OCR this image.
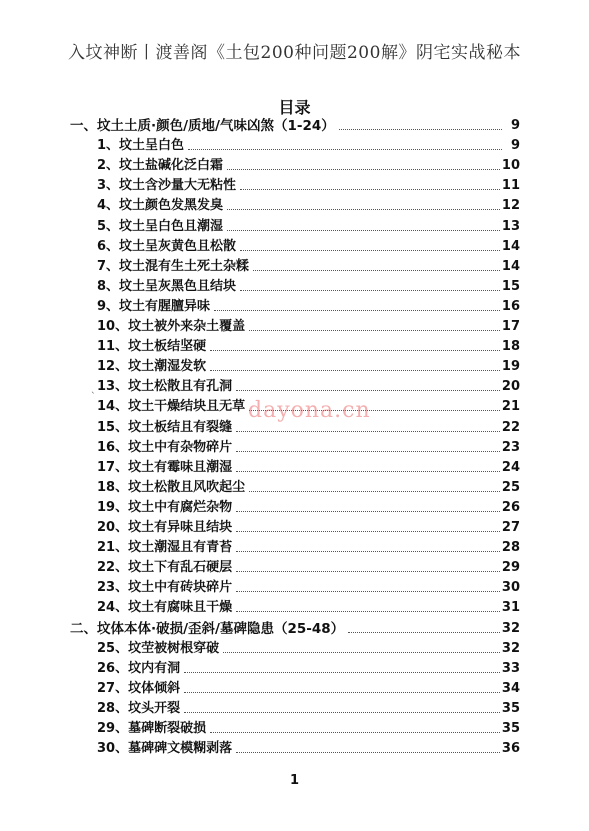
入坟神断丨渡善阁《土包200种问题200解》阴宅实战秘本
目录
一、坟土土质·颜色/质地/气味凶煞（1-24）	9
1、坟土呈白色	9
2、坟土盐碱化泛白霜	10
3、坟土含沙量大无粘性	11
4、坟土颜色发黑发臭	12
5、坟土呈白色且潮湿	13
6、坟土呈灰黄色且松散	14
7、坟土混有生土死土杂糅	14
8、坟土呈灰黑色且结块	15
9、坟土有腥膻异味	16
10、坟土被外来杂土覆盖	17
11、坟土板结坚硬	18
12、坟土潮湿发软	19
13、坟土松散且有孔洞	20
14、坟土干燥结块且无草	21
15、坟土板结且有裂缝	22
16、坟土中有杂物碎片	23
17、坟土有霉味且潮湿	24
18、坟土松散且风吹起尘	25
19、坟土中有腐烂杂物	26
20、坟土有异味且结块	27
21、坟土潮湿且有青苔	28
22、坟土下有乱石硬层	29
23、坟土中有砖块碎片	30
24、坟土有腐味且干燥	31
二、坟体本体·破损/歪斜/墓碑隐患（25-48）	32
25、坟茔被树根穿破	32
26、坟内有洞	33
27、坟体倾斜	34
28、坟头开裂	35
29、墓碑断裂破损	35
30、墓碑碑文模糊剥落	36
`
dayona.cn
1
